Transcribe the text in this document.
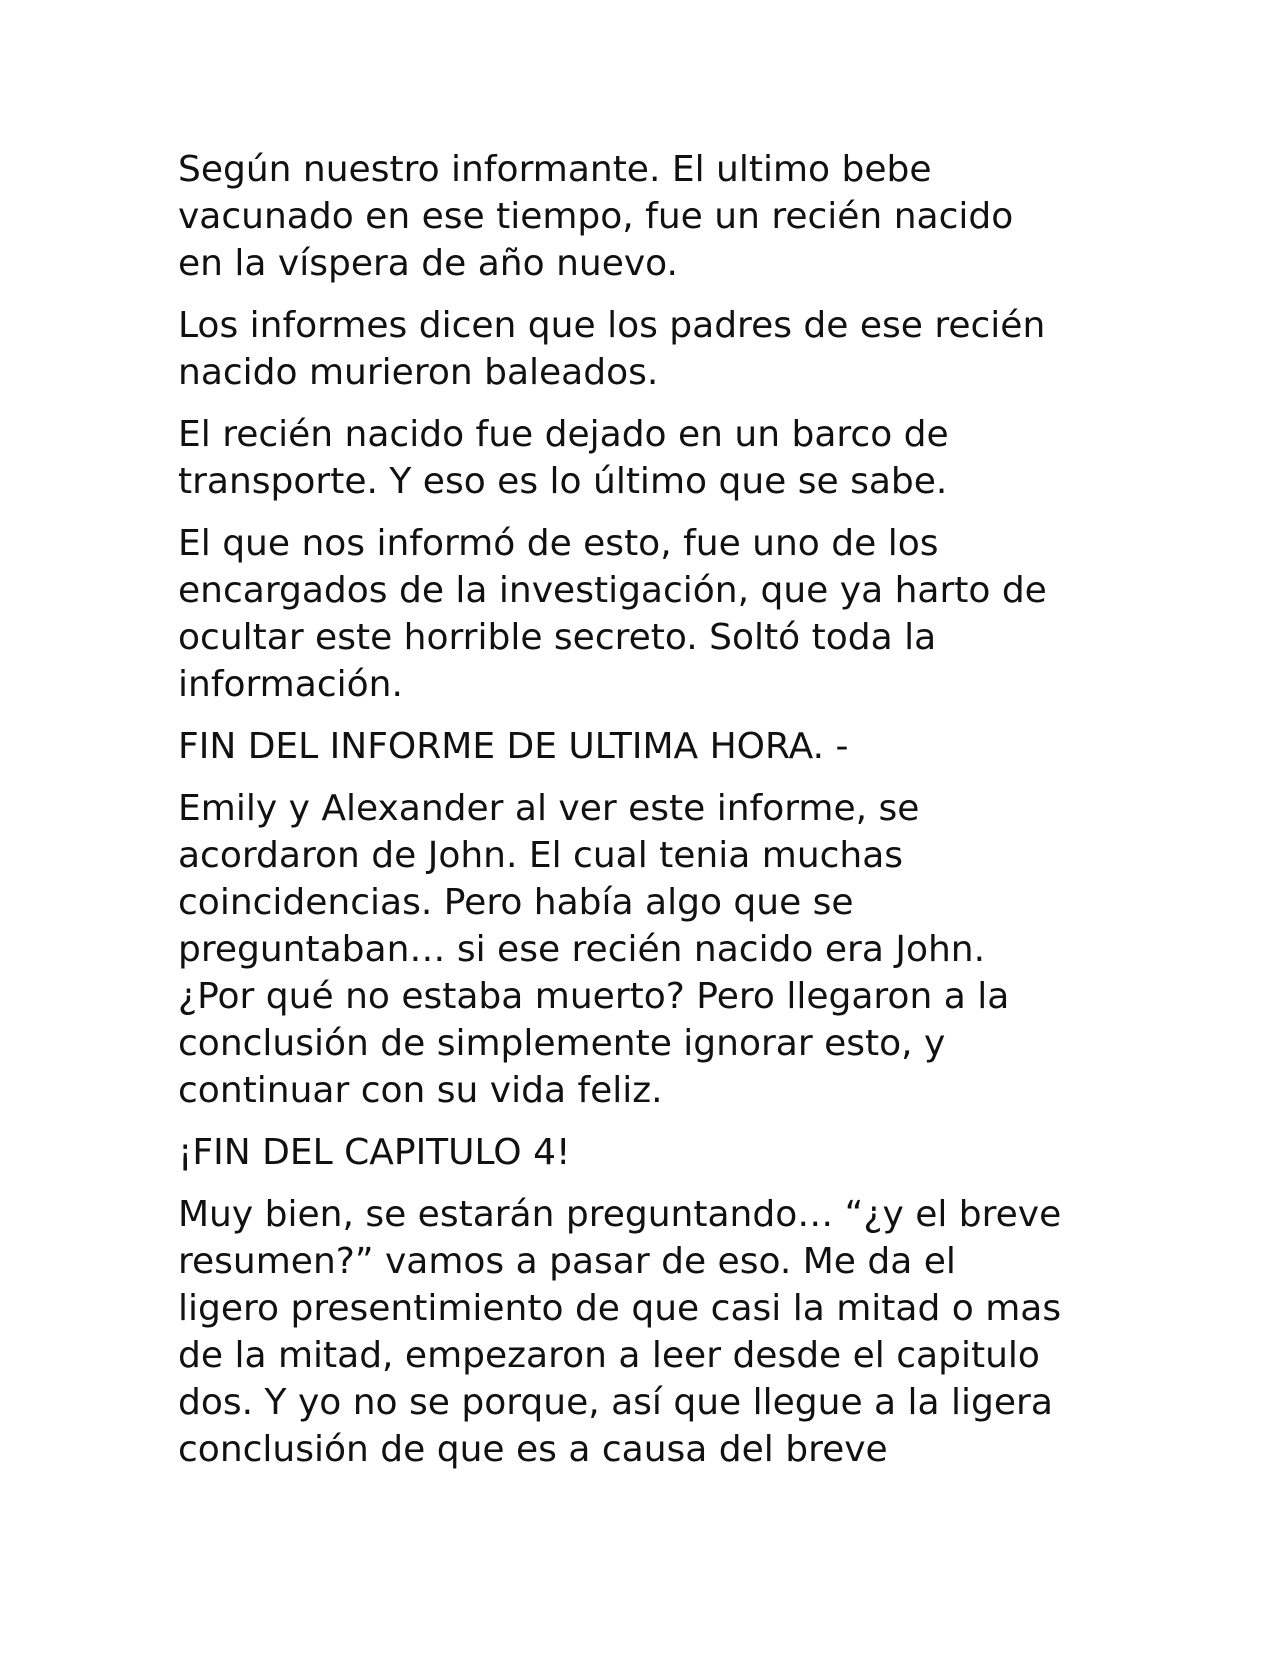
Según nuestro informante. El ultimo bebe
vacunado en ese tiempo, fue un recién nacido
en la víspera de año nuevo.

Los informes dicen que los padres de ese recién
nacido murieron baleados.

El recién nacido fue dejado en un barco de
transporte. Y eso es lo último que se sabe.

El que nos informó de esto, fue uno de los
encargados de la investigación, que ya harto de
ocultar este horrible secreto. Soltó toda la
información.

FIN DEL INFORME DE ULTIMA HORA. -

Emily y Alexander al ver este informe, se
acordaron de John. El cual tenia muchas
coincidencias. Pero había algo que se
preguntaban… si ese recién nacido era John.
¿Por qué no estaba muerto? Pero llegaron a la
conclusión de simplemente ignorar esto, y
continuar con su vida feliz.

¡FIN DEL CAPITULO 4!

Muy bien, se estarán preguntando… “¿y el breve
resumen?” vamos a pasar de eso. Me da el
ligero presentimiento de que casi la mitad o mas
de la mitad, empezaron a leer desde el capitulo
dos. Y yo no se porque, así que llegue a la ligera
conclusión de que es a causa del breve
